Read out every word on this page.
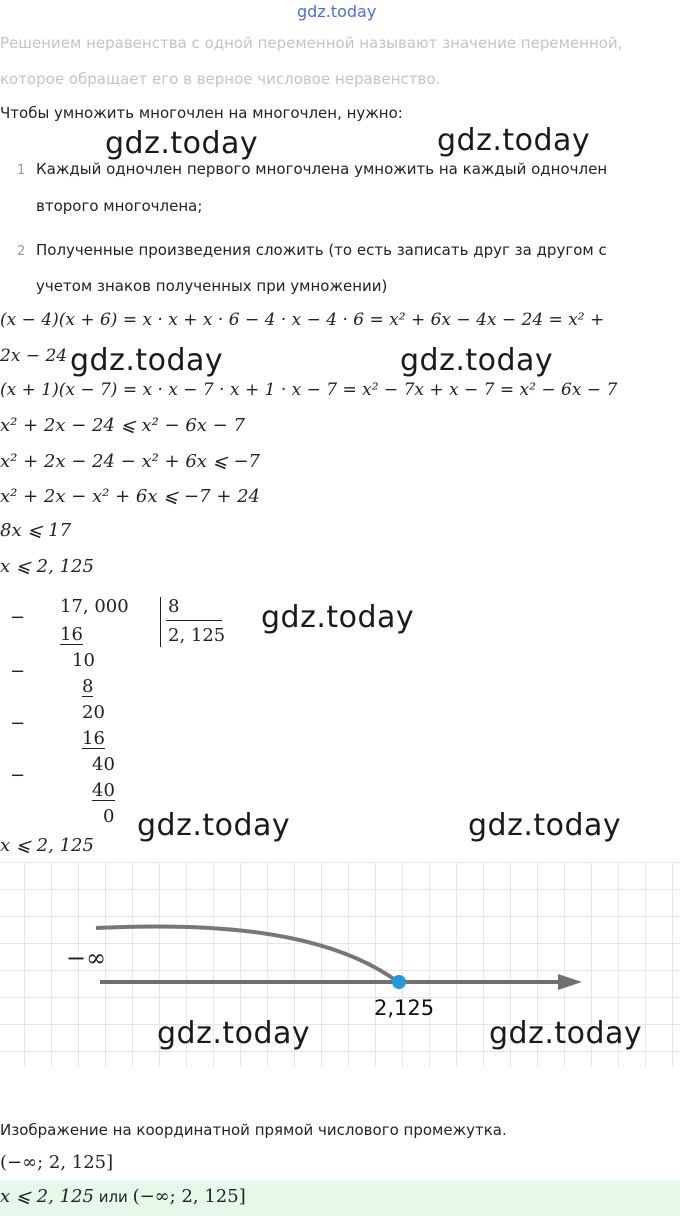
gdz.today
Решением неравенства с одной переменной называют значение переменной,
которое обращает его в верное числовое неравенство.
Чтобы умножить многочлен на многочлен, нужно:
gdz.today	gdz.today
1 Каждый одночлен первого многочлена умножить на каждый одночлен
второго многочлена;
2 Полученные произведения сложить (то есть записать друг за другом с
учетом знаков полученных при умножении)
(x − 4)(x + 6) = x · x + x · 6 − 4 · x − 4 · 6 = x² + 6x − 4x − 24 = x² +
2x − 24 gdz.today	gdz.today
(x + 1)(x − 7) = x · x − 7 · x + 1 · x − 7 = x² − 7x + x − 7 = x² − 6x − 7
x² + 2x − 24 ⩽ x² − 6x − 7
x² + 2x − 24 − x² + 6x ⩽ −7
x² + 2x − x² + 6x ⩽ −7 + 24
8x ⩽ 17
x ⩽ 2, 125
−
17, 000 8
2, 125
16
10
−
8
20
−
16
40
−
40
0
gdz.today
gdz.today	gdz.today
x ⩽ 2, 125
−∞
2,125
gdz.today	gdz.today
Изображение на координатной прямой числового промежутка.
(−∞; 2, 125]
x ⩽ 2, 125 или (−∞; 2, 125]
